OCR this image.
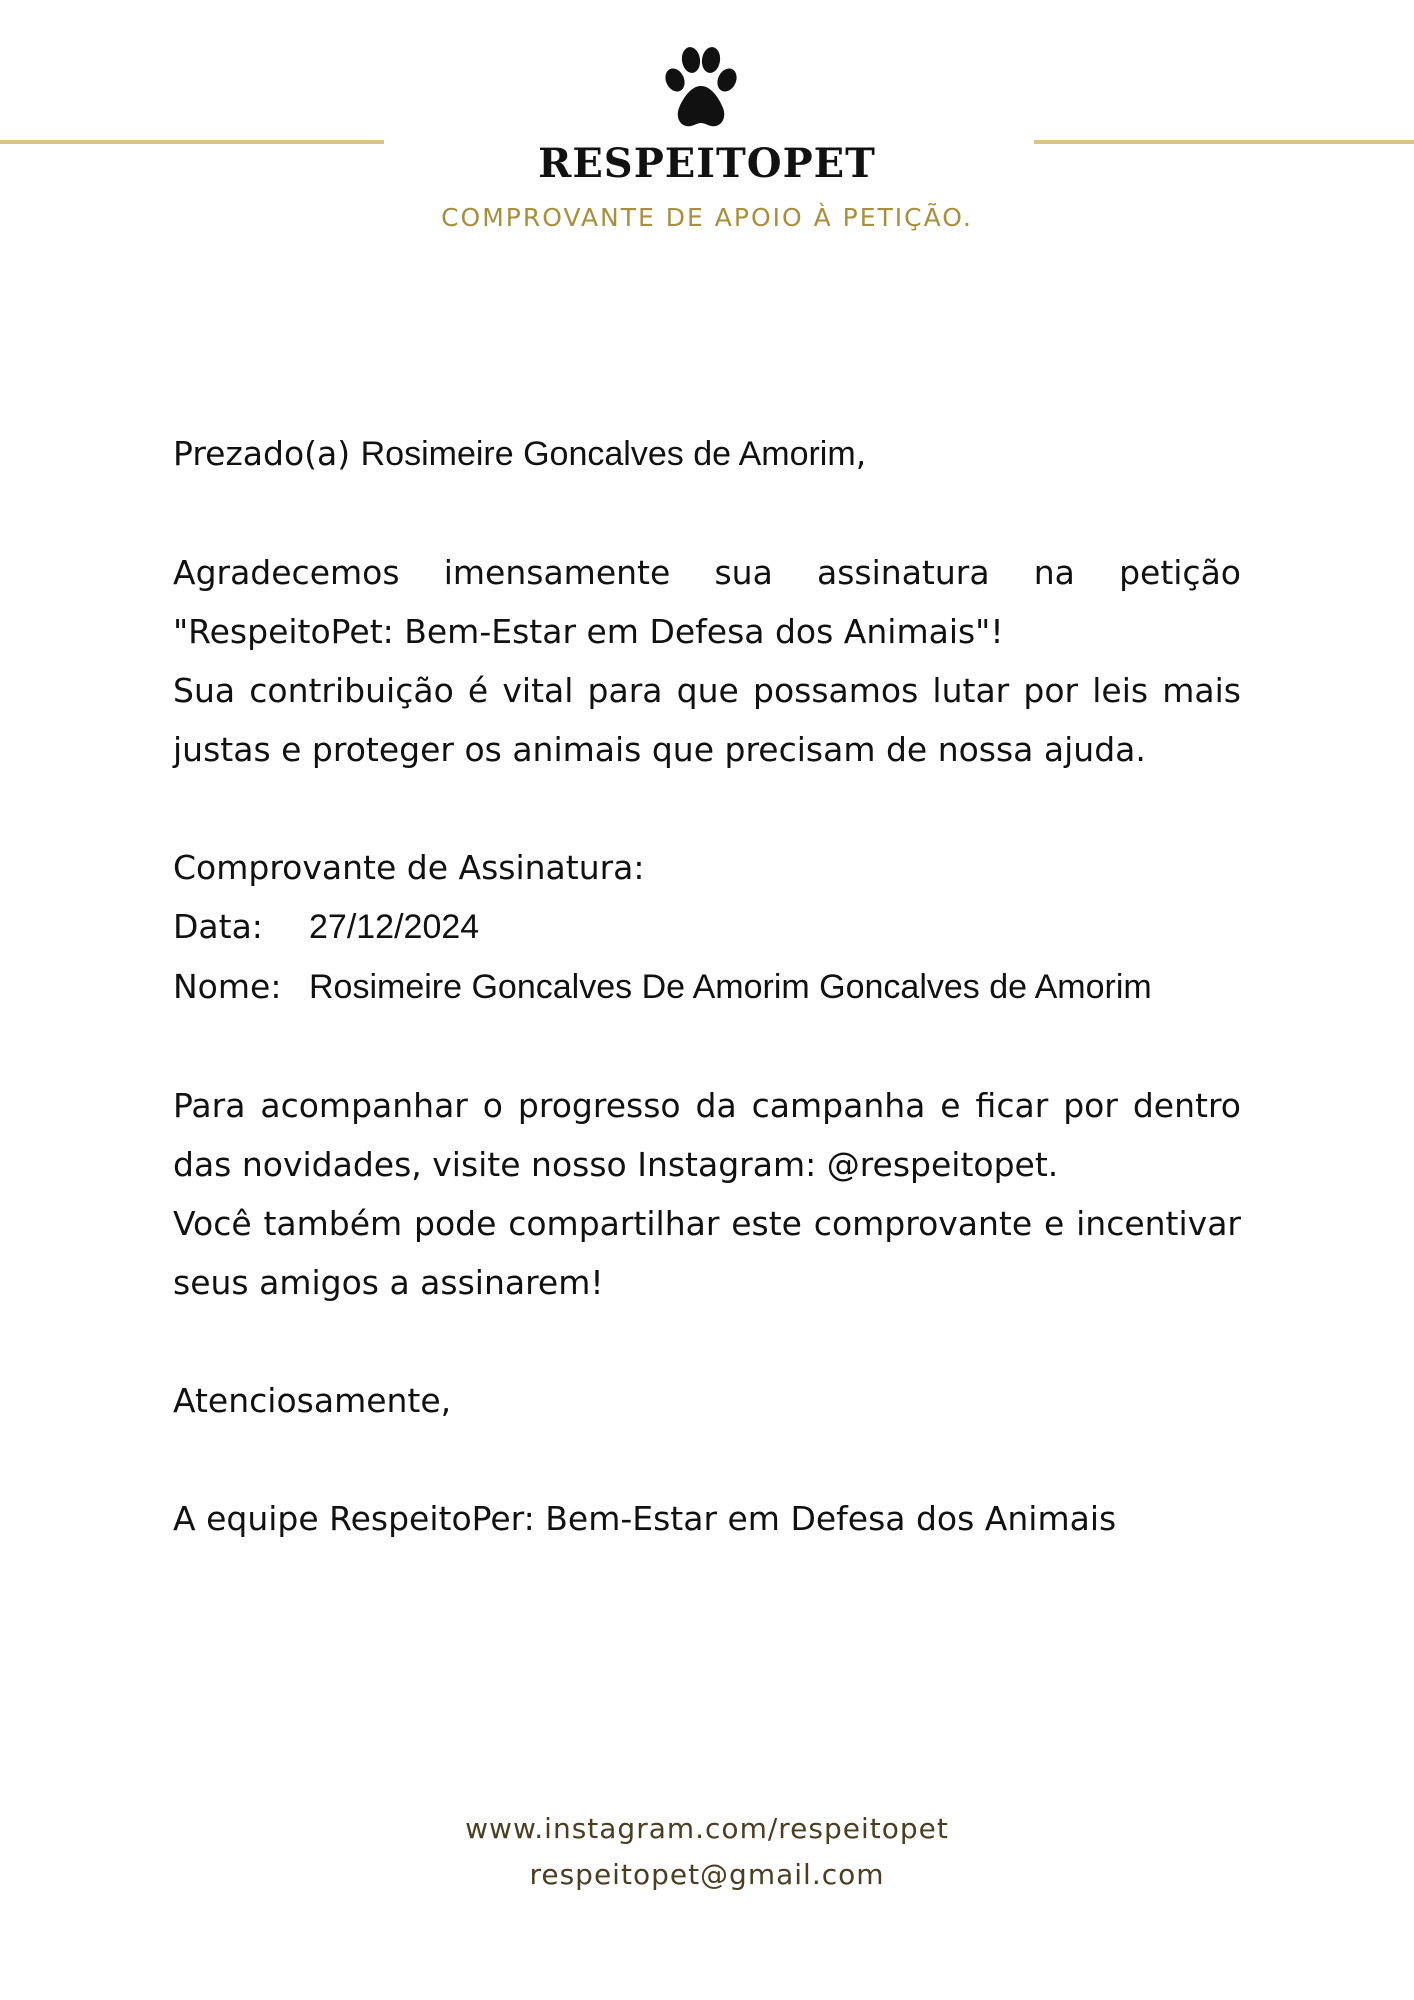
RESPEITOPET
COMPROVANTE DE APOIO À PETIÇÃO.

Prezado(a) Rosimeire Goncalves de Amorim,

Agradecemos imensamente sua assinatura na petição "RespeitoPet: Bem-Estar em Defesa dos Animais"!

Sua contribuição é vital para que possamos lutar por leis mais justas e proteger os animais que precisam de nossa ajuda.

Comprovante de Assinatura:

Data: 27/12/2024

Nome: Rosimeire Goncalves De Amorim Goncalves de Amorim

Para acompanhar o progresso da campanha e ficar por dentro das novidades, visite nosso Instagram: @respeitopet.

Você também pode compartilhar este comprovante e incentivar seus amigos a assinarem!

Atenciosamente,

A equipe RespeitoPer: Bem-Estar em Defesa dos Animais

www.instagram.com/respeitopet
respeitopet@gmail.com
